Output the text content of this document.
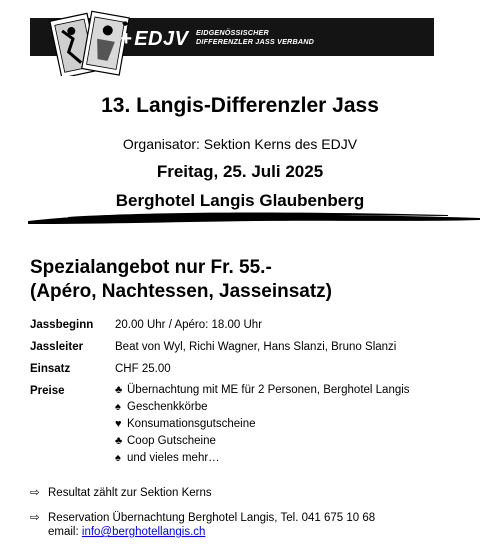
+ EDJV EIDGENÖSSISCHER
DIFFERENZLER JASS VERBAND
13. Langis-Differenzler Jass
Organisator: Sektion Kerns des EDJV
Freitag, 25. Juli 2025
Berghotel Langis Glaubenberg
Spezialangebot nur Fr. 55.-
(Apéro, Nachtessen, Jasseinsatz)
Jassbeginn	20.00 Uhr / Apéro: 18.00 Uhr
Jassleiter	Beat von Wyl, Richi Wagner, Hans Slanzi, Bruno Slanzi
Einsatz	CHF 25.00
Preise	♣ Übernachtung mit ME für 2 Personen, Berghotel Langis
♠ Geschenkkörbe
♥ Konsumationsgutscheine
♣ Coop Gutscheine
♠ und vieles mehr…
⇨ Resultat zählt zur Sektion Kerns
⇨ Reservation Übernachtung Berghotel Langis, Tel. 041 675 10 68
email: info@berghotellangis.ch
